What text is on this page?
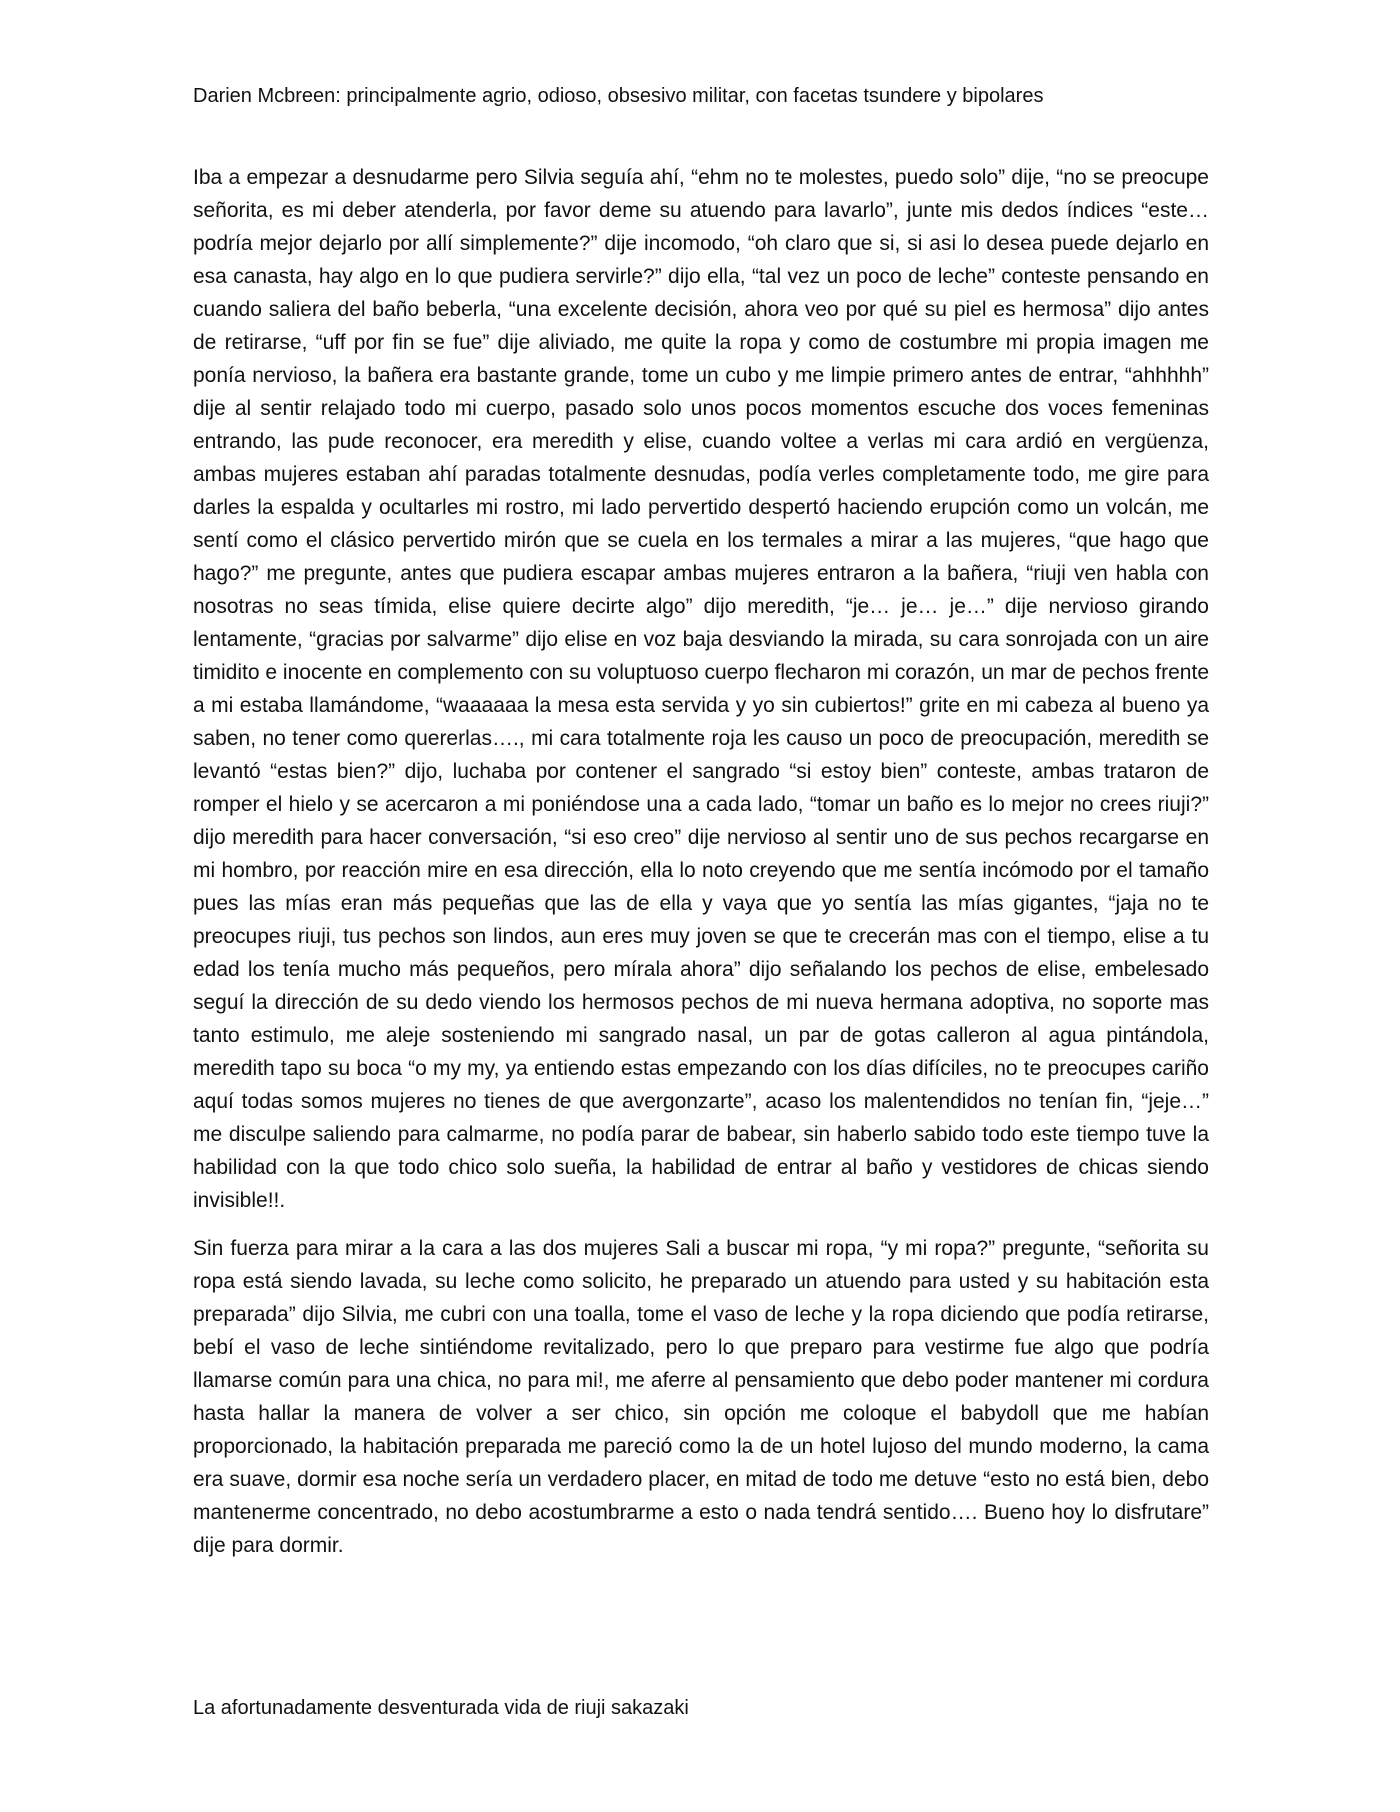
Darien Mcbreen: principalmente agrio, odioso, obsesivo militar, con facetas tsundere y bipolares

Iba a empezar a desnudarme pero Silvia seguía ahí, “ehm no te molestes, puedo solo” dije, “no se preocupe señorita, es mi deber atenderla, por favor deme su atuendo para lavarlo”, junte mis dedos índices “este… podría mejor dejarlo por allí simplemente?” dije incomodo, “oh claro que si, si asi lo desea puede dejarlo en esa canasta, hay algo en lo que pudiera servirle?” dijo ella, “tal vez un poco de leche” conteste pensando en cuando saliera del baño beberla, “una excelente decisión, ahora veo por qué su piel es hermosa” dijo antes de retirarse, “uff por fin se fue” dije aliviado, me quite la ropa y como de costumbre mi propia imagen me ponía nervioso, la bañera era bastante grande, tome un cubo y me limpie primero antes de entrar, “ahhhhh” dije al sentir relajado todo mi cuerpo, pasado solo unos pocos momentos escuche dos voces femeninas entrando, las pude reconocer, era meredith y elise, cuando voltee a verlas mi cara ardió en vergüenza, ambas mujeres estaban ahí paradas totalmente desnudas, podía verles completamente todo, me gire para darles la espalda y ocultarles mi rostro, mi lado pervertido despertó haciendo erupción como un volcán, me sentí como el clásico pervertido mirón que se cuela en los termales a mirar a las mujeres, “que hago que hago?” me pregunte, antes que pudiera escapar ambas mujeres entraron a la bañera, “riuji ven habla con nosotras no seas tímida, elise quiere decirte algo” dijo meredith, “je… je… je…” dije nervioso girando lentamente, “gracias por salvarme” dijo elise en voz baja desviando la mirada, su cara sonrojada con un aire timidito e inocente en complemento con su voluptuoso cuerpo flecharon mi corazón, un mar de pechos frente a mi estaba llamándome, “waaaaaa la mesa esta servida y yo sin cubiertos!” grite en mi cabeza al bueno ya saben, no tener como quererlas…., mi cara totalmente roja les causo un poco de preocupación, meredith se levantó “estas bien?” dijo, luchaba por contener el sangrado “si estoy bien” conteste, ambas trataron de romper el hielo y se acercaron a mi poniéndose una a cada lado, “tomar un baño es lo mejor no crees riuji?” dijo meredith para hacer conversación, “si eso creo” dije nervioso al sentir uno de sus pechos recargarse en mi hombro, por reacción mire en esa dirección, ella lo noto creyendo que me sentía incómodo por el tamaño pues las mías eran más pequeñas que las de ella y vaya que yo sentía las mías gigantes, “jaja no te preocupes riuji, tus pechos son lindos, aun eres muy joven se que te crecerán mas con el tiempo, elise a tu edad los tenía mucho más pequeños, pero mírala ahora” dijo señalando los pechos de elise, embelesado seguí la dirección de su dedo viendo los hermosos pechos de mi nueva hermana adoptiva, no soporte mas tanto estimulo, me aleje sosteniendo mi sangrado nasal, un par de gotas calleron al agua pintándola, meredith tapo su boca “o my my, ya entiendo estas empezando con los días difíciles, no te preocupes cariño aquí todas somos mujeres no tienes de que avergonzarte”, acaso los malentendidos no tenían fin, “jeje…” me disculpe saliendo para calmarme, no podía parar de babear, sin haberlo sabido todo este tiempo tuve la habilidad con la que todo chico solo sueña, la habilidad de entrar al baño y vestidores de chicas siendo invisible!!.

Sin fuerza para mirar a la cara a las dos mujeres Sali a buscar mi ropa, “y mi ropa?” pregunte, “señorita su ropa está siendo lavada, su leche como solicito, he preparado un atuendo para usted y su habitación esta preparada” dijo Silvia, me cubri con una toalla, tome el vaso de leche y la ropa diciendo que podía retirarse, bebí el vaso de leche sintiéndome revitalizado, pero lo que preparo para vestirme fue algo que podría llamarse común para una chica, no para mi!, me aferre al pensamiento que debo poder mantener mi cordura hasta hallar la manera de volver a ser chico, sin opción me coloque el babydoll que me habían proporcionado, la habitación preparada me pareció como la de un hotel lujoso del mundo moderno, la cama era suave, dormir esa noche sería un verdadero placer, en mitad de todo me detuve “esto no está bien, debo mantenerme concentrado, no debo acostumbrarme a esto o nada tendrá sentido…. Bueno hoy lo disfrutare” dije para dormir.

La afortunadamente desventurada vida de riuji sakazaki
